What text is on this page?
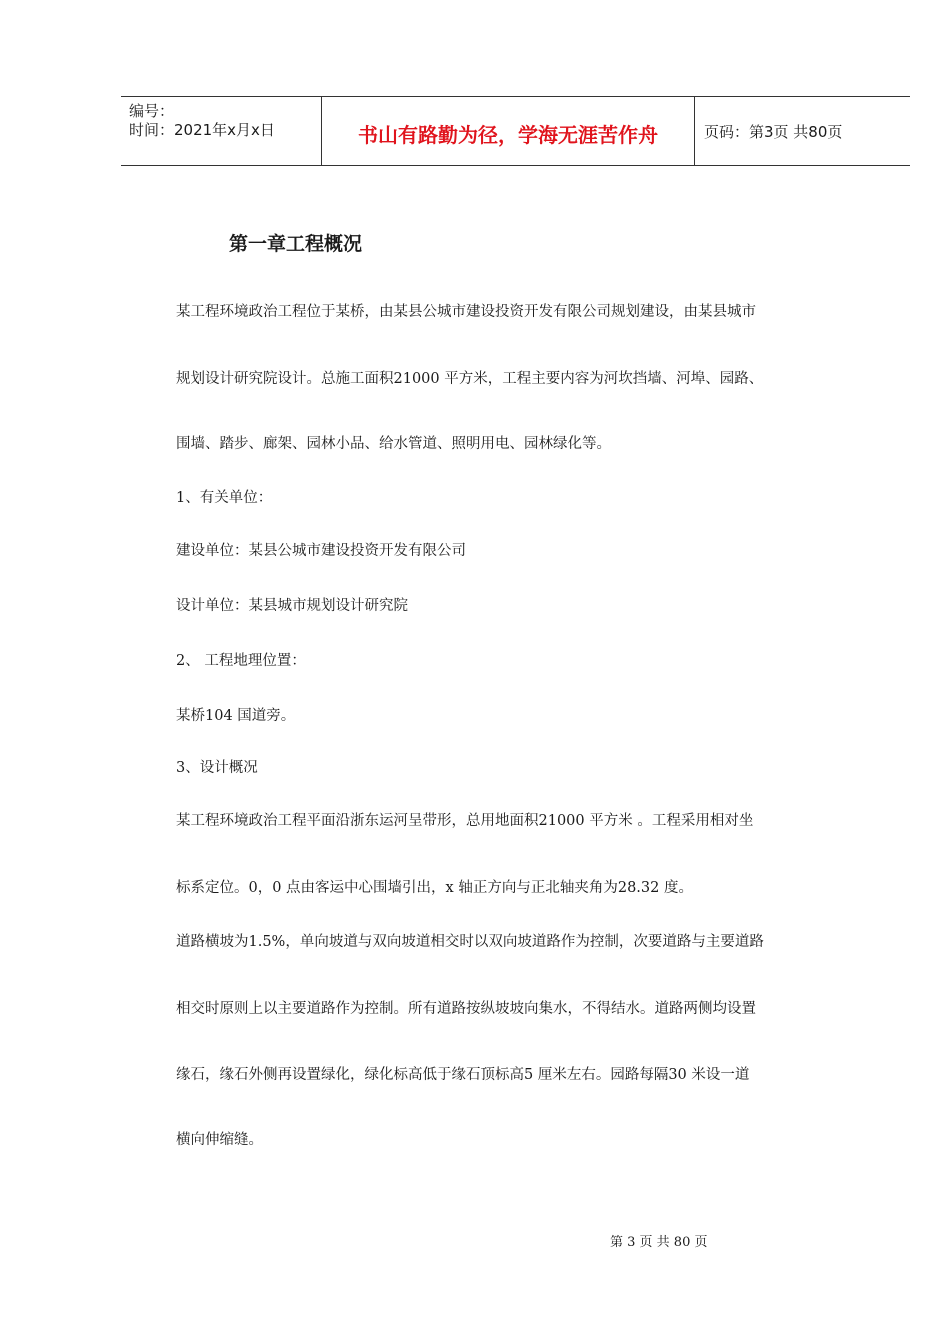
编号：
时间：2021年x月x日	书山有路勤为径，学海无涯苦作舟	页码：第3页 共80页
第一章工程概况
某工程环境政治工程位于某桥，由某县公城市建设投资开发有限公司规划建设，由某县城市
规划设计研究院设计。总施工面积21000 平方米，工程主要内容为河坎挡墙、河埠、园路、
围墙、踏步、廊架、园林小品、给水管道、照明用电、园林绿化等。
1、有关单位：
建设单位：某县公城市建设投资开发有限公司
设计单位：某县城市规划设计研究院
2、 工程地理位置：
某桥104 国道旁。
3、设计概况
某工程环境政治工程平面沿浙东运河呈带形，总用地面积21000 平方米 。工程采用相对坐
标系定位。0，0 点由客运中心围墙引出，x 轴正方向与正北轴夹角为28.32 度。
道路横坡为1.5%，单向坡道与双向坡道相交时以双向坡道路作为控制，次要道路与主要道路
相交时原则上以主要道路作为控制。所有道路按纵坡坡向集水，不得结水。道路两侧均设置
缘石，缘石外侧再设置绿化，绿化标高低于缘石顶标高5 厘米左右。园路每隔30 米设一道
横向伸缩缝。
第 3 页 共 80 页
